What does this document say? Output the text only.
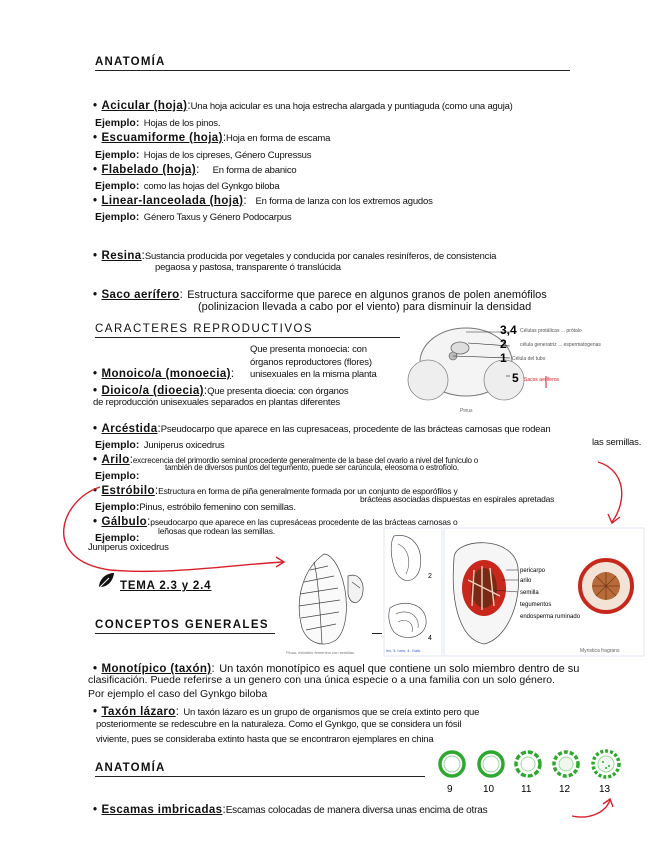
ANATOMÍA
• Acicular (hoja):Una hoja acicular es una hoja estrecha alargada y puntiaguda (como una aguja)
Ejemplo: Hojas de los pinos.
• Escuamiforme (hoja):Hoja en forma de escama
Ejemplo: Hojas de los cipreses, Género Cupressus
• Flabelado (hoja): En forma de abanico
Ejemplo: como las hojas del Gynkgo biloba
• Linear-lanceolada (hoja): En forma de lanza con los extremos agudos
Ejemplo: Género Taxus y Género Podocarpus
• Resina:Sustancia producida por vegetales y conducida por canales resiníferos, de consistencia
pegaosa y pastosa, transparente ó translúcida
• Saco aerífero: Estructura sacciforme que parece en algunos granos de polen anemófilos
(polinizacion llevada a cabo por el viento) para disminuir la densidad
CARACTERES REPRODUCTIVOS
Que presenta monoecia: con
órganos reproductores (flores)
• Monoico/a (monoecia): unisexuales en la misma planta
• Dioico/a (dioecia):Que presenta dioecia: con órganos
de reproducción unisexuales separados en plantas diferentes
3,4
2
1
5
Células protálicas ... prótalo
célula generatriz ... espermatogenas
Célula del tubo
Sacos aeríferos
Pinus
• Arcéstida:Pseudocarpo que aparece en las cupresaceas, procedente de las brácteas carnosas que rodean
Ejemplo: Juniperus oxicedrus	las semillas.
• Arilo:excrecencia del primordio seminal procedente generalmente de la base del ovario a nivel del funículo o
también de diversos puntos del tegumento, puede ser carúncula, eleosoma o estrofíolo.
Ejemplo:
• Estróbilo:Estructura en forma de piña generalmente formada por un conjunto de esporófilos y
brácteas asociadas dispuestas en espirales apretadas
Ejemplo:Pinus, estróbilo femenino con semillas.
• Gálbulo:pseudocarpo que aparece en las cupresáceas procedente de las brácteas carnosas o
leñosas que rodean las semillas.
Ejemplo:
Juniperus oxicedrus
Pinus, estróbilo femenino con semillas
2
4
inv, 3, hms, 4. Galb.
pericarpo
arilo
semilla
tegumentos
endosperma ruminado
Myristica fragrans
TEMA 2.3 y 2.4
CONCEPTOS GENERALES
• Monotípico (taxón): Un taxón monotípico es aquel que contiene un solo miembro dentro de su
clasificación. Puede referirse a un genero con una única especie o a una familia con un solo género.
Por ejemplo el caso del Gynkgo biloba
• Taxón lázaro: Un taxón lázaro es un grupo de organismos que se creía extinto pero que
posteriormente se redescubre en la naturaleza. Como el Gynkgo, que se considera un fósil
viviente, pues se consideraba extinto hasta que se encontraron ejemplares en china
ANATOMÍA
• Escamas imbricadas:Escamas colocadas de manera diversa unas encima de otras
9	10	11	12	13
